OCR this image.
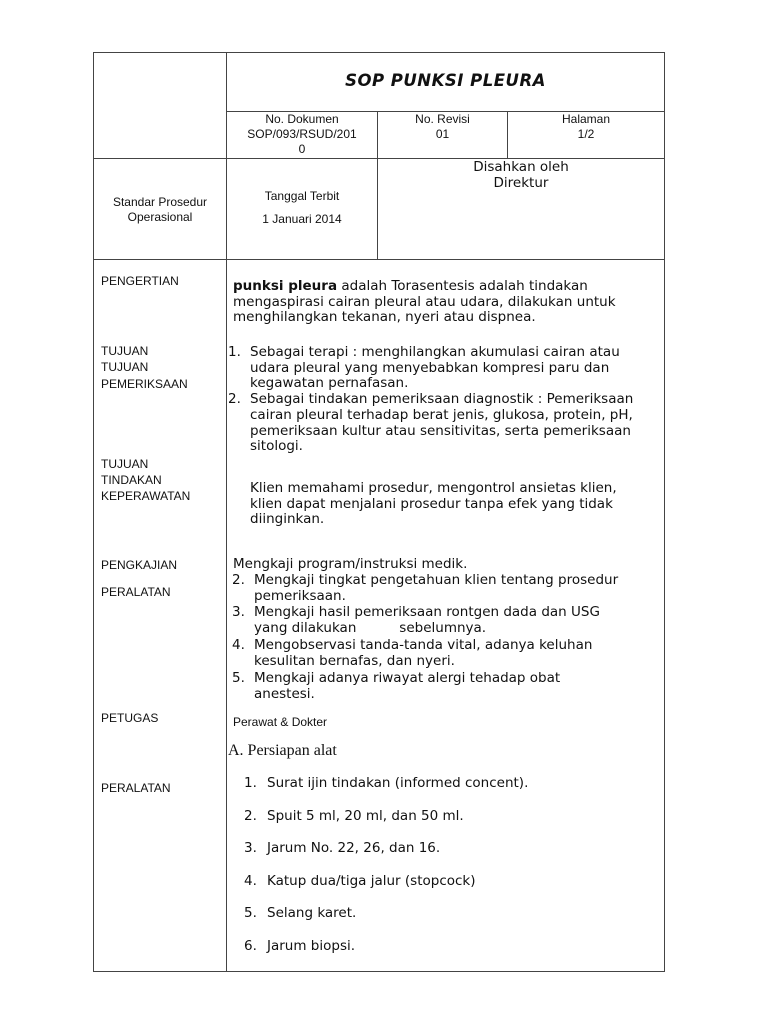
SOP PUNKSI PLEURA
No. Dokumen
SOP/093/RSUD/201
0
No. Revisi
01
Halaman
1/2
Standar Prosedur
Operasional
Tanggal Terbit
1 Januari 2014
Disahkan oleh
Direktur
PENGERTIAN
TUJUAN
TUJUAN
PEMERIKSAAN
TUJUAN
TINDAKAN
KEPERAWATAN
PENGKAJIAN
PERALATAN
PETUGAS
PERALATAN
punksi pleura adalah Torasentesis adalah tindakan
mengaspirasi cairan pleural atau udara, dilakukan untuk
menghilangkan tekanan, nyeri atau dispnea.
1. Sebagai terapi : menghilangkan akumulasi cairan atau
udara pleural yang menyebabkan kompresi paru dan
kegawatan pernafasan.
2. Sebagai tindakan pemeriksaan diagnostik : Pemeriksaan
cairan pleural terhadap berat jenis, glukosa, protein, pH,
pemeriksaan kultur atau sensitivitas, serta pemeriksaan
sitologi.
Klien memahami prosedur, mengontrol ansietas klien,
klien dapat menjalani prosedur tanpa efek yang tidak
diinginkan.
Mengkaji program/instruksi medik.
2. Mengkaji tingkat pengetahuan klien tentang prosedur
pemeriksaan.
3. Mengkaji hasil pemeriksaan rontgen dada dan USG
yang dilakukan          sebelumnya.
4. Mengobservasi tanda-tanda vital, adanya keluhan
kesulitan bernafas, dan nyeri.
5. Mengkaji adanya riwayat alergi tehadap obat
anestesi.
Perawat & Dokter
A. Persiapan alat
1. Surat ijin tindakan (informed concent).
2. Spuit 5 ml, 20 ml, dan 50 ml.
3. Jarum No. 22, 26, dan 16.
4. Katup dua/tiga jalur (stopcock)
5. Selang karet.
6. Jarum biopsi.
